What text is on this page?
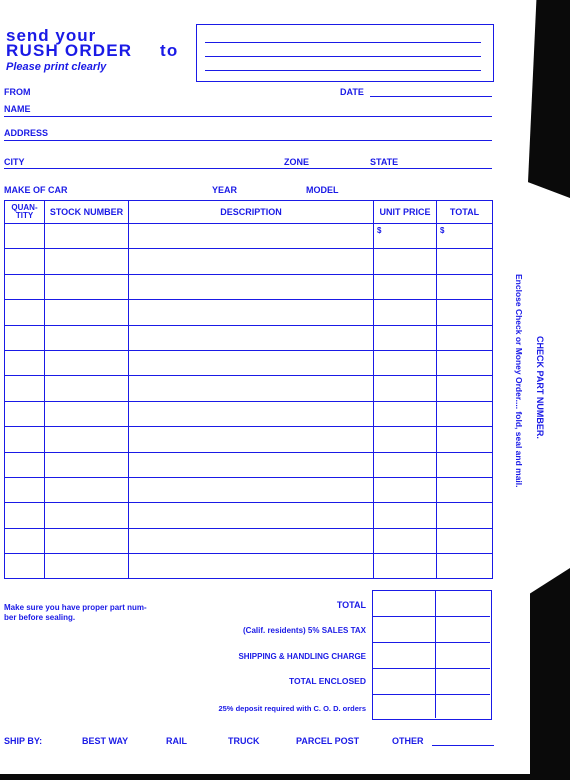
send your
RUSH ORDER to
Please print clearly
FROM	DATE
NAME
ADDRESS
CITY	ZONE	STATE
MAKE OF CAR	YEAR	MODEL
QUAN-
TITY	STOCK NUMBER	DESCRIPTION	UNIT PRICE	TOTAL
			$	$

Make sure you have proper part num-
ber before sealing.
TOTAL
(Calif. residents) 5% SALES TAX
SHIPPING & HANDLING CHARGE
TOTAL ENCLOSED
25% deposit required with C. O. D. orders
SHIP BY:	BEST WAY	RAIL	TRUCK	PARCEL POST	OTHER
CHECK PART NUMBER.
Enclose Check or Money Order.... fold, seal and mail.
